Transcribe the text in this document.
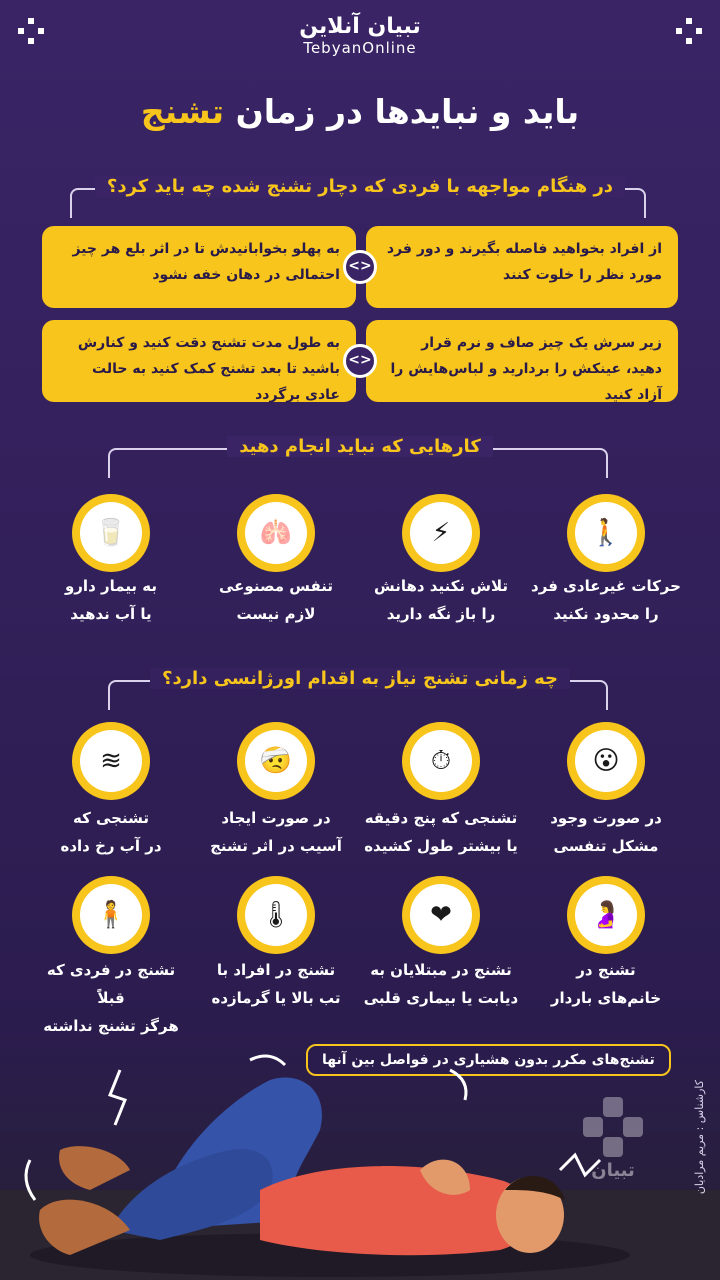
تبیان آنلاین
TebyanOnline
باید و نبایدها در زمان تشنج
در هنگام مواجهه با فردی که دچار تشنج شده چه باید کرد؟
از افراد بخواهید فاصله بگیرند و دور فرد مورد نظر را خلوت کنند
به پهلو بخوابانیدش تا در اثر بلع هر چیز احتمالی در دهان خفه نشود
<>
زیر سرش یک چیز صاف و نرم قرار دهید، عینکش را بردارید و لباس‌هایش را آزاد کنید
به طول مدت تشنج دقت کنید و کنارش باشید تا بعد تشنج کمک کنید به حالت عادی برگردد
<>
کارهایی که نباید انجام دهید
🚶
⚡
🫁
🥛
حرکات غیرعادی فرد
را محدود نکنید
تلاش نکنید دهانش
را باز نگه دارید
تنفس مصنوعی
لازم نیست
به بیمار دارو
یا آب ندهید
چه زمانی تشنج نیاز به اقدام اورژانسی دارد؟
😮
⏱
🤕
≋
در صورت وجود
مشکل تنفسی
تشنجی که پنج دقیقه
یا بیشتر طول کشیده
در صورت ایجاد
آسیب در اثر تشنج
تشنجی که
در آب رخ داده
🤰
❤
🌡
🧍
تشنج در
خانم‌های باردار
تشنج در مبتلایان به
دیابت یا بیماری قلبی
تشنج در افراد با
تب بالا یا گرمازده
تشنج در فردی که قبلاً
هرگز تشنج نداشته
تشنج‌های مکرر بدون هشیاری در فواصل بین آنها
تبیان	کارشناس : مریم مرادیان
